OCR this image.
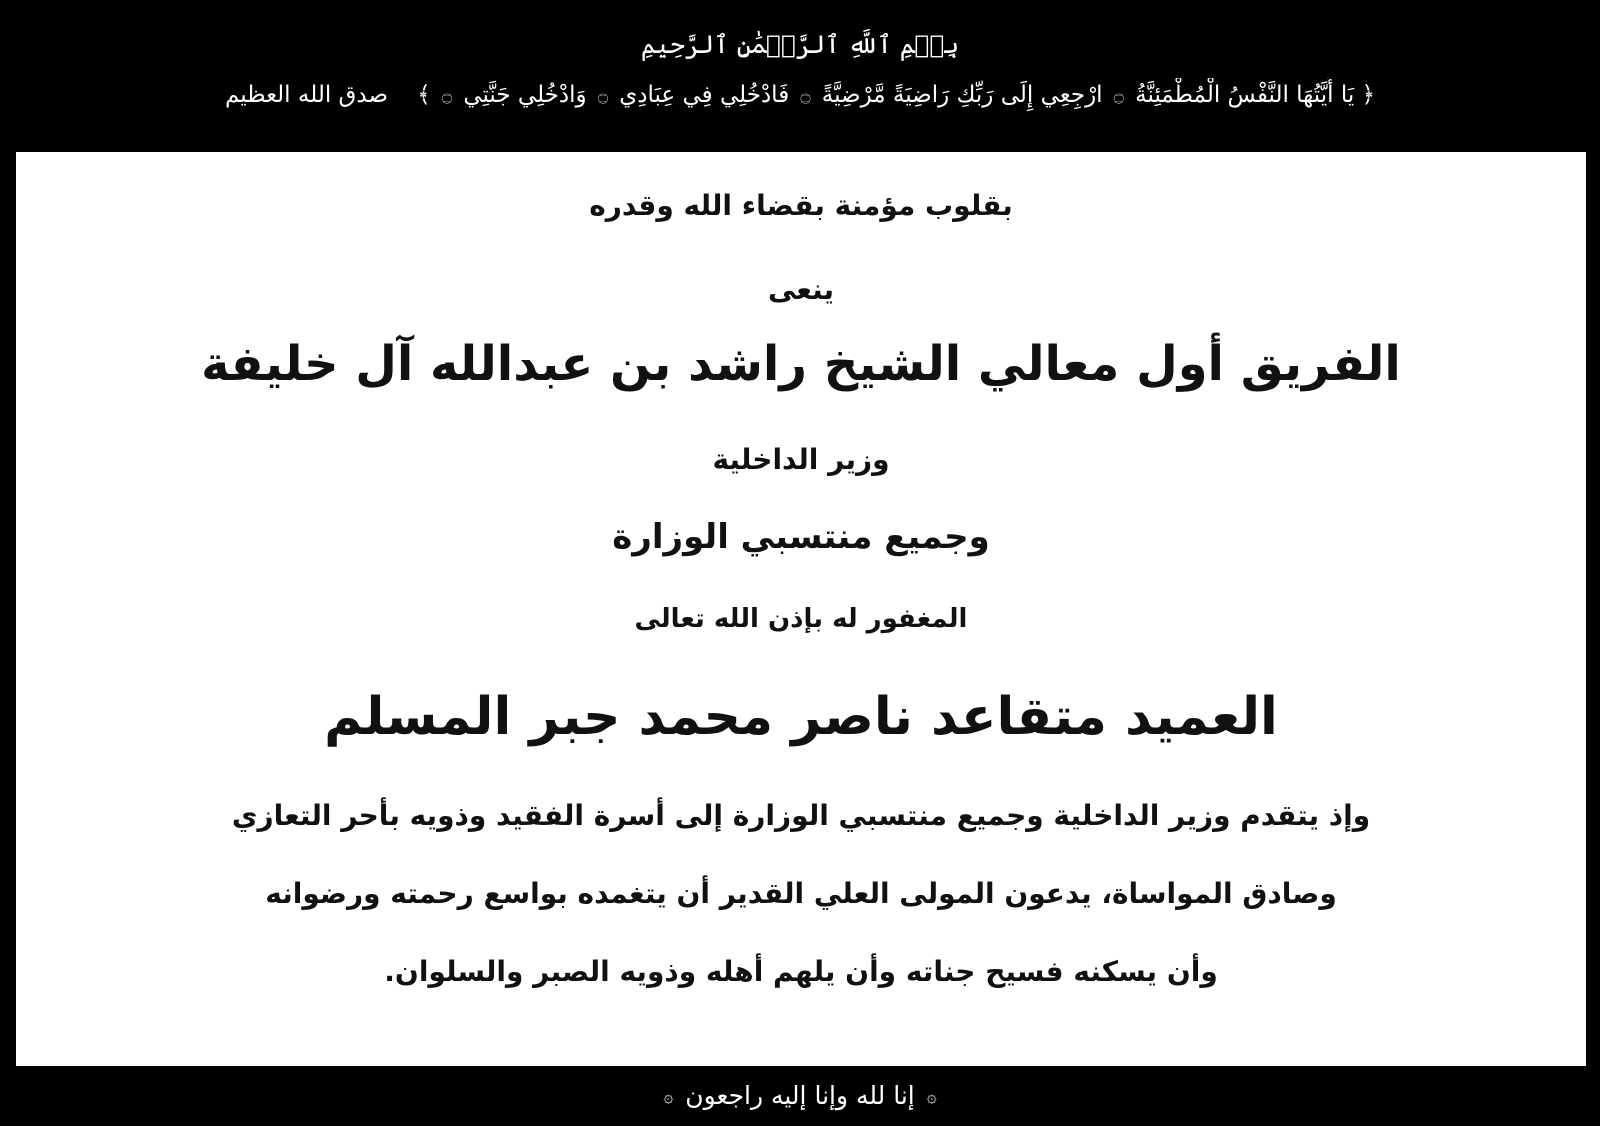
بِسۡمِ ٱللَّهِ ٱلرَّحۡمَٰنِ ٱلرَّحِيمِ
﴿ يَا أَيَّتُهَا النَّفْسُ الْمُطْمَئِنَّةُ ۝ ارْجِعِي إِلَى رَبِّكِ رَاضِيَةً مَّرْضِيَّةً ۝ فَادْخُلِي فِي عِبَادِي ۝ وَادْخُلِي جَنَّتِي ۝ ﴾    صدق الله العظيم
بقلوب مؤمنة بقضاء الله وقدره
ينعى
الفريق أول معالي الشيخ راشد بن عبدالله آل خليفة
وزير الداخلية
وجميع منتسبي الوزارة
المغفور له بإذن الله تعالى
العميد متقاعد ناصر محمد جبر المسلم
وإذ يتقدم وزير الداخلية وجميع منتسبي الوزارة إلى أسرة الفقيد وذويه بأحر التعازي
وصادق المواساة، يدعون المولى العلي القدير أن يتغمده بواسع رحمته ورضوانه
وأن يسكنه فسيح جناته وأن يلهم أهله وذويه الصبر والسلوان.
۞ إنا لله وإنا إليه راجعون ۞
